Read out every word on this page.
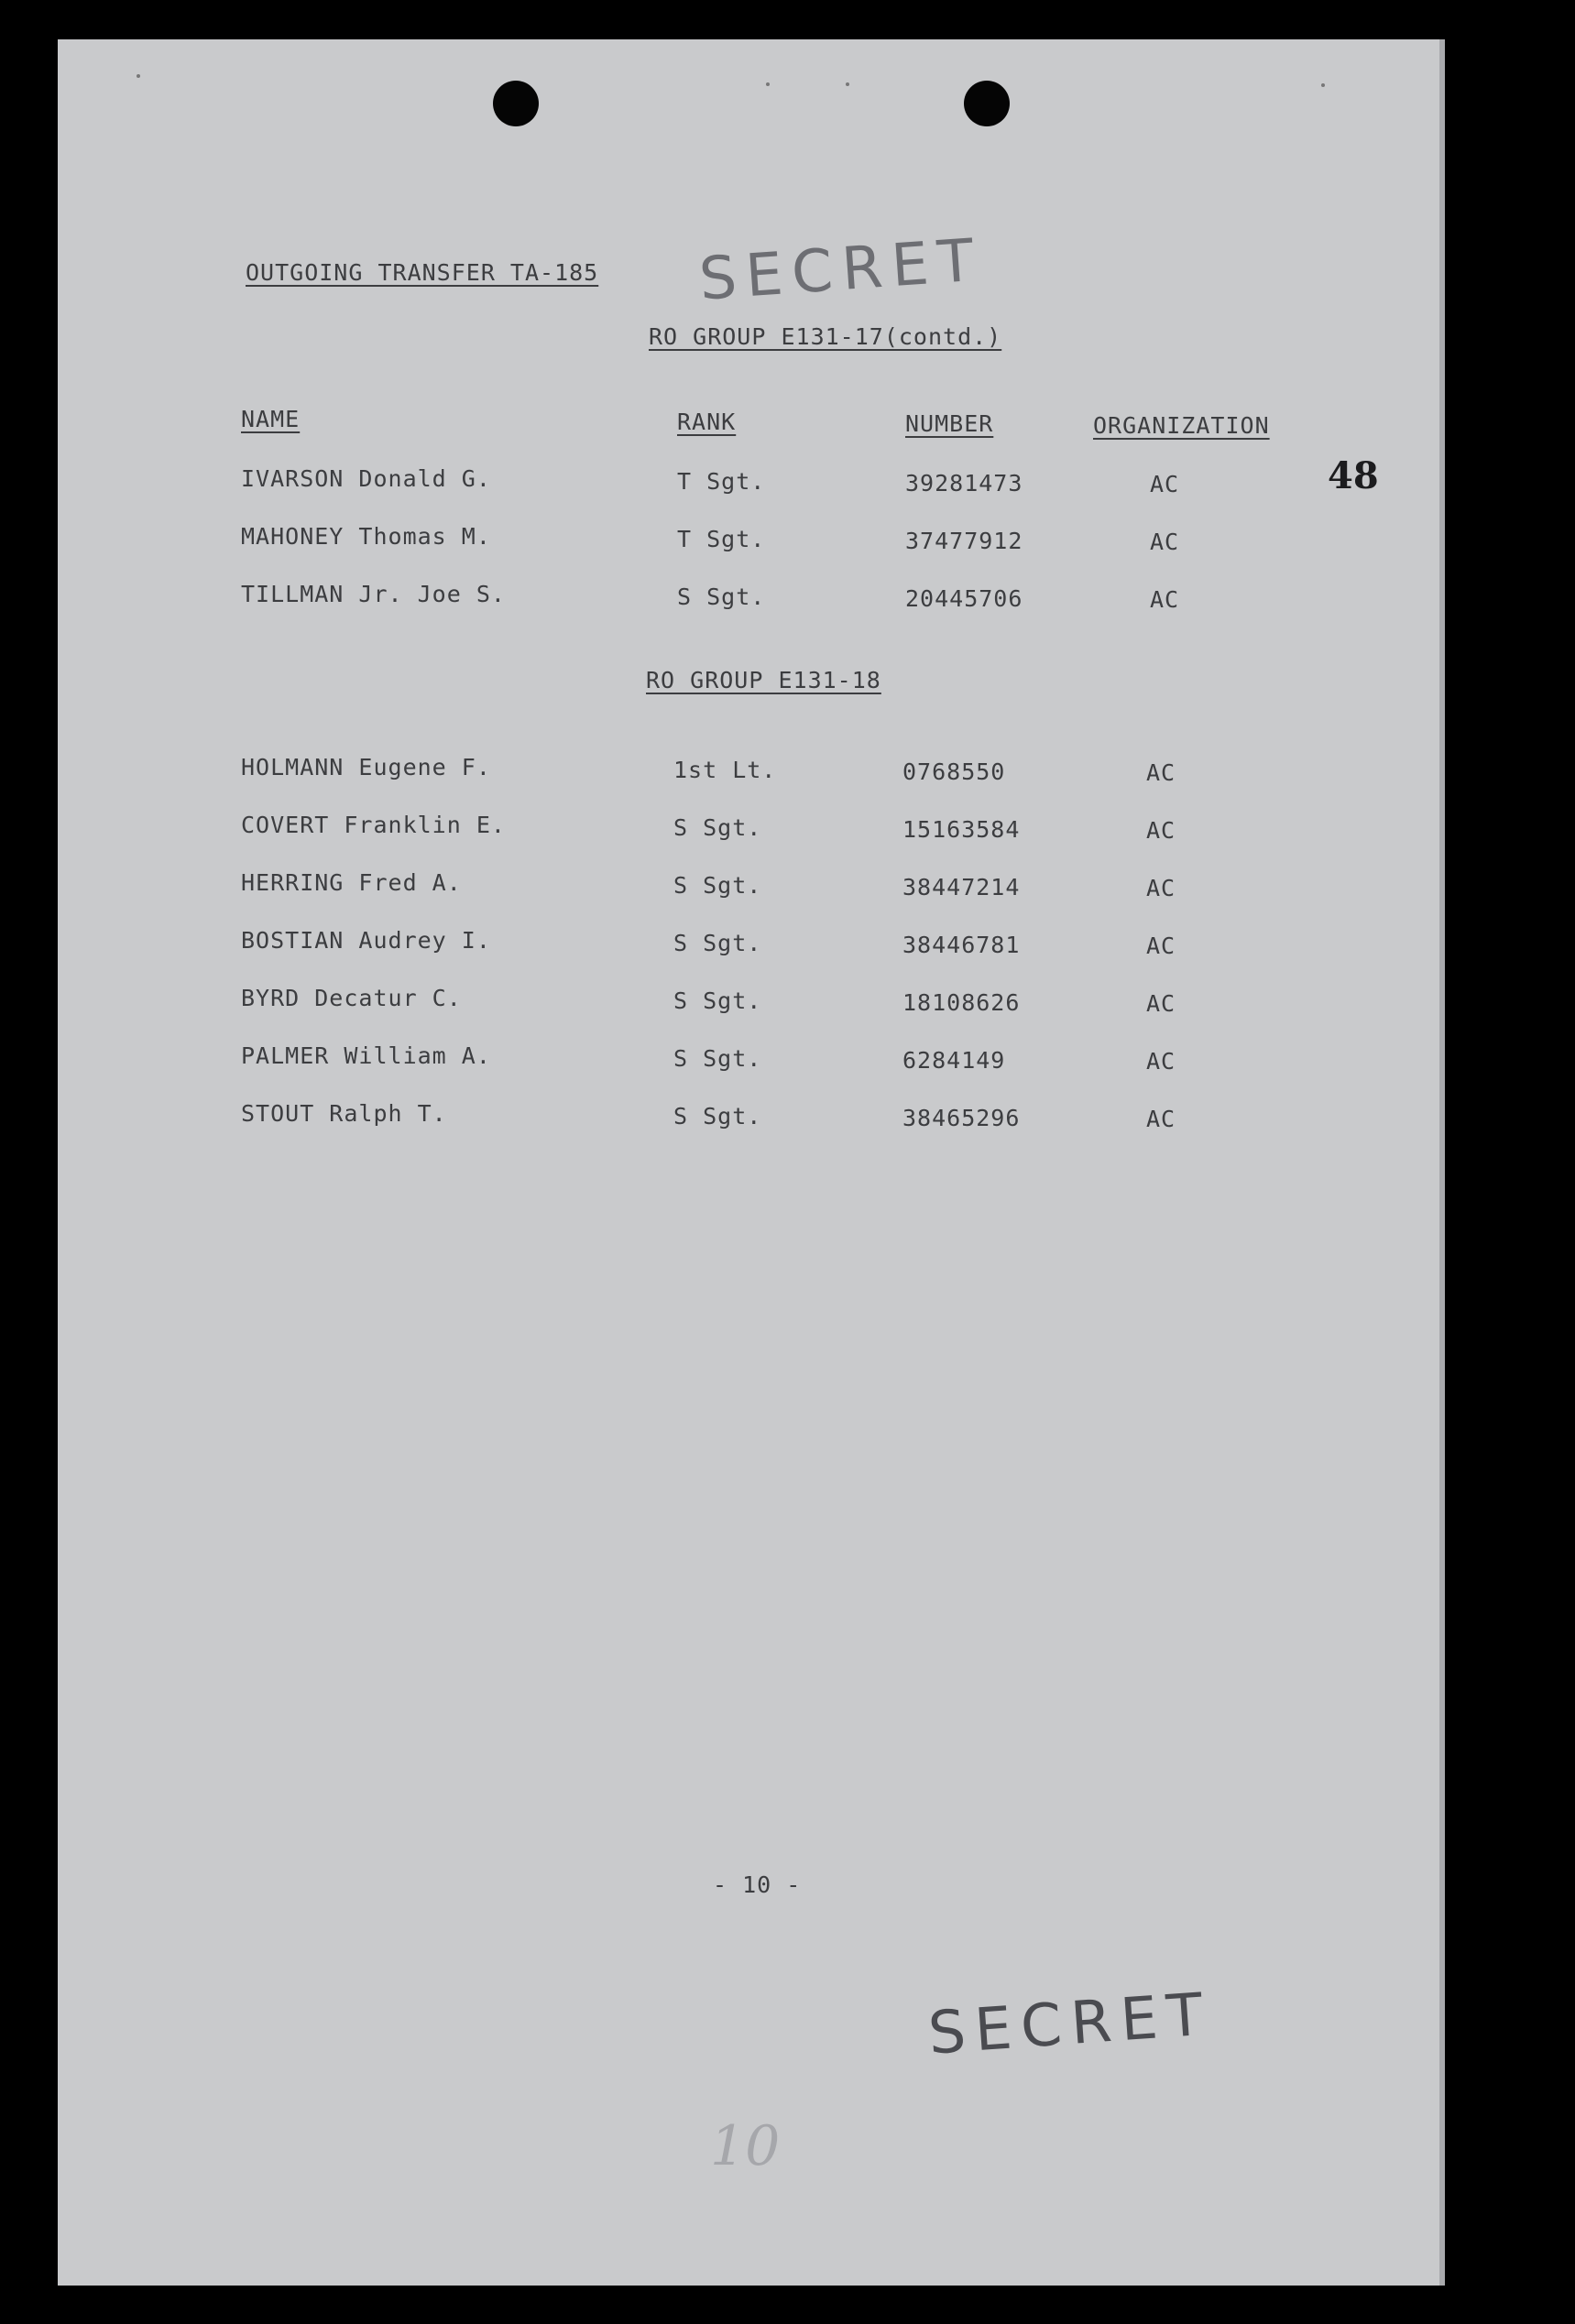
OUTGOING TRANSFER TA-185 SECRET
RO GROUP E131-17(contd.)
NAME	RANK	NUMBER	ORGANIZATION
48
IVARSON Donald G.	T Sgt.	39281473	AC
MAHONEY Thomas M.	T Sgt.	37477912	AC
TILLMAN Jr. Joe S.	S Sgt.	20445706	AC
RO GROUP E131-18
HOLMANN Eugene F.	1st Lt.	0768550	AC
COVERT Franklin E.	S Sgt.	15163584	AC
HERRING Fred A.	S Sgt.	38447214	AC
BOSTIAN Audrey I.	S Sgt.	38446781	AC
BYRD Decatur C.	S Sgt.	18108626	AC
PALMER William A.	S Sgt.	6284149	AC
STOUT Ralph T.	S Sgt.	38465296	AC
- 10 -
SECRET
10
